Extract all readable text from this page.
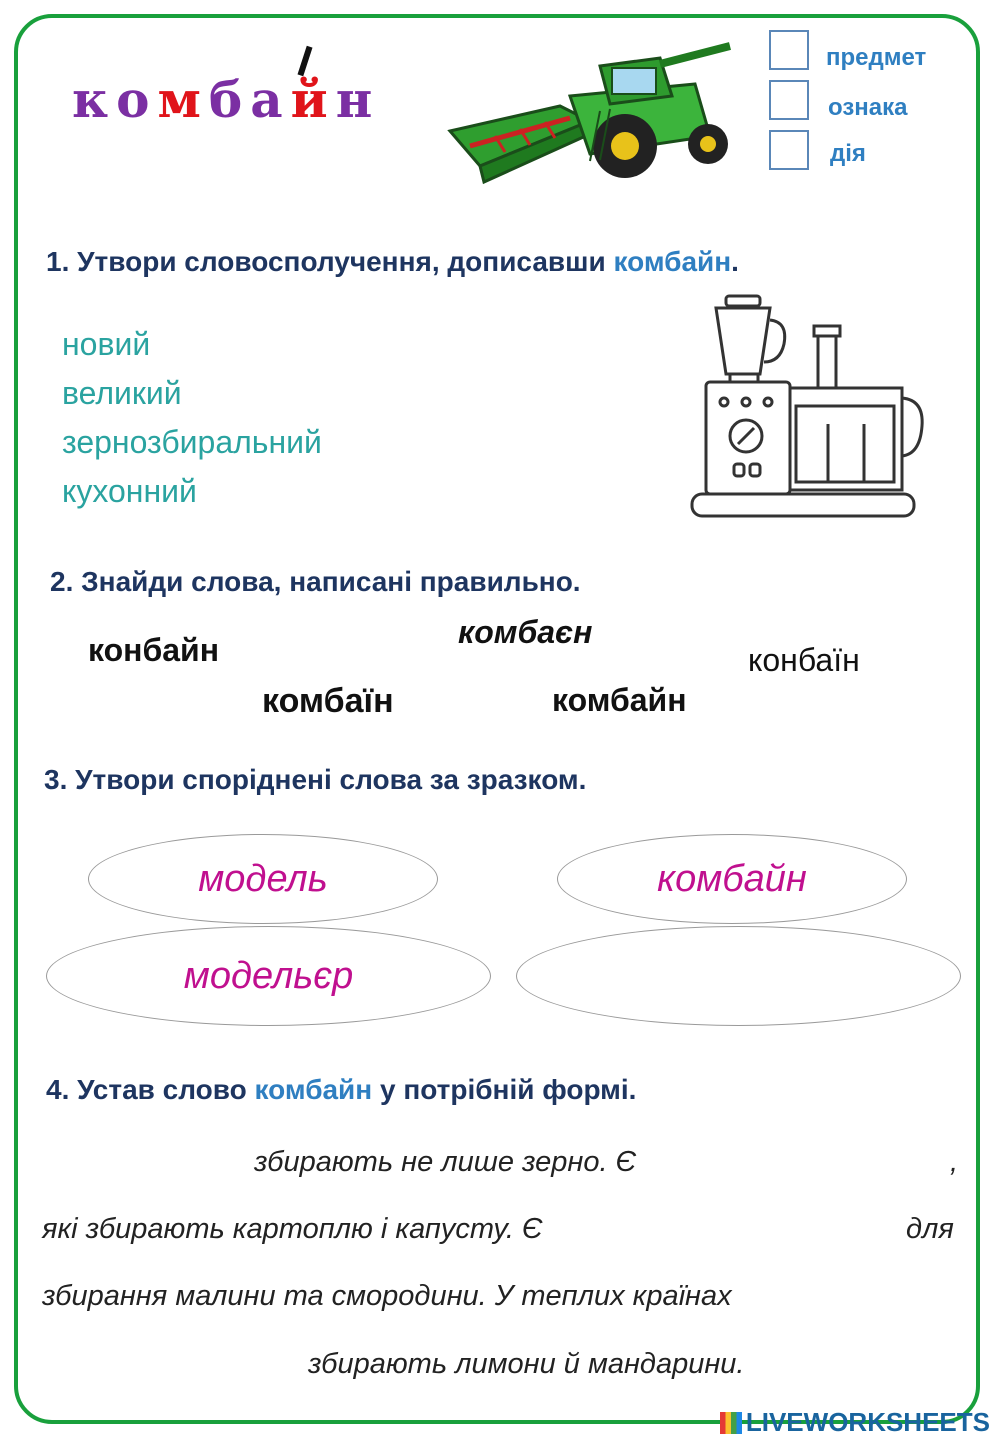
комбайн
предмет
ознака
дія
1. Утвори словосполучення, дописавши комбайн.
новий
великий
зернозбиральний
кухонний
2. Знайди слова, написані правильно.
конбайн	комбаєн
конбаїн
комбаїн	комбайн
3. Утвори споріднені слова за зразком.
модель	комбайн
модельєр
4. Устав слово комбайн у потрібній формі.
збирають не лише зерно. Є	,
які збирають картоплю і капусту. Є	для
збирання малини та смородини. У теплих країнах
збирають лимони й мандарини.
LIVEWORKSHEETS
